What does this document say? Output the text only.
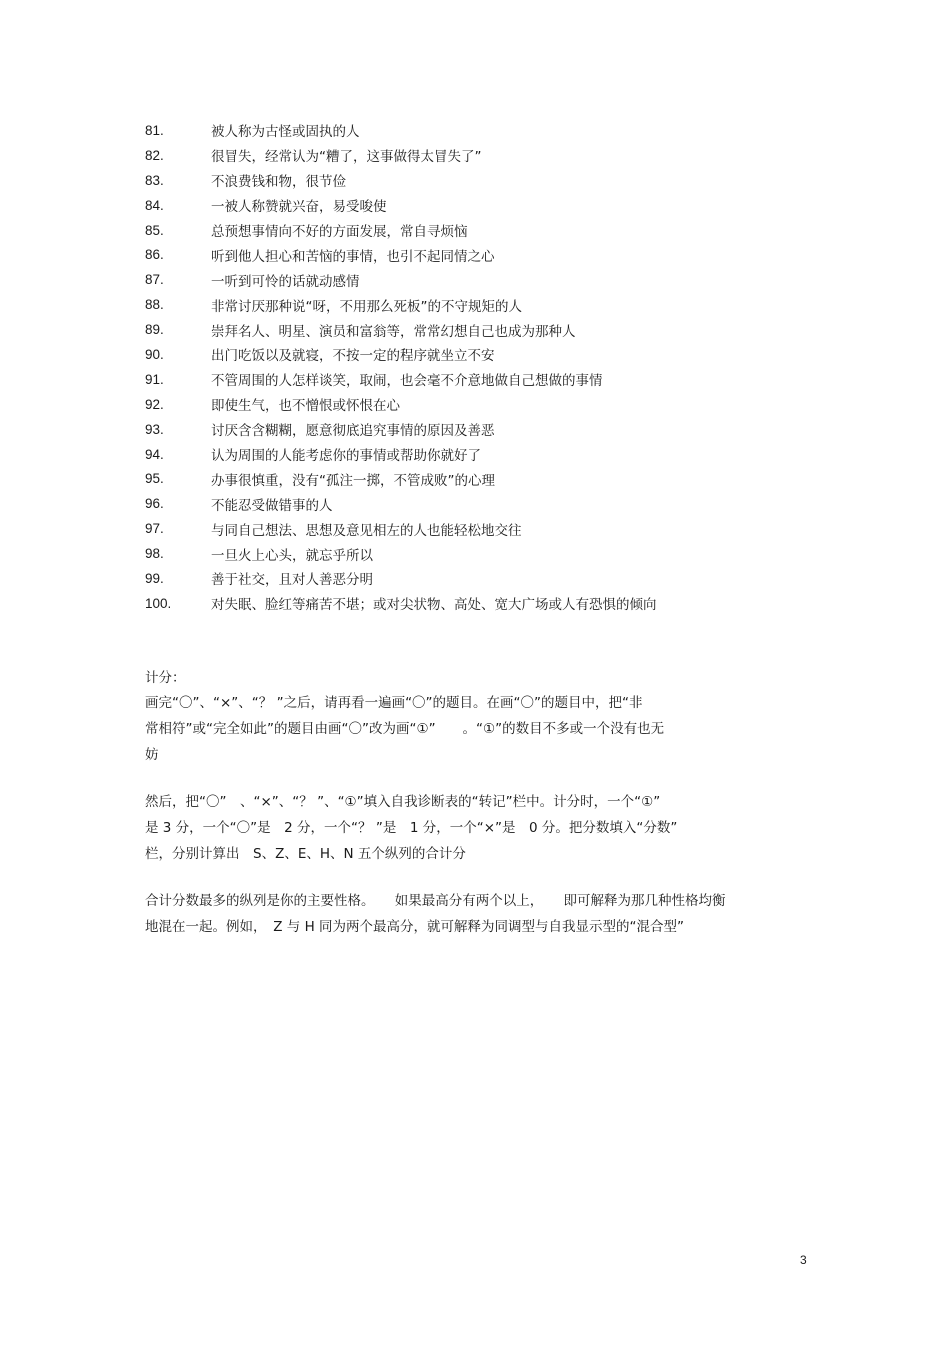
81.	被人称为古怪或固执的人
82.	很冒失，经常认为“糟了，这事做得太冒失了”
83.	不浪费钱和物，很节俭
84.	一被人称赞就兴奋，易受唆使
85.	总预想事情向不好的方面发展，常自寻烦恼
86.	听到他人担心和苦恼的事情，也引不起同情之心
87.	一听到可怜的话就动感情
88.	非常讨厌那种说“呀，不用那么死板”的不守规矩的人
89.	崇拜名人、明星、演员和富翁等，常常幻想自己也成为那种人
90.	出门吃饭以及就寝，不按一定的程序就坐立不安
91.	不管周围的人怎样谈笑，取闹，也会毫不介意地做自己想做的事情
92.	即使生气，也不憎恨或怀恨在心
93.	讨厌含含糊糊，愿意彻底追究事情的原因及善恶
94.	认为周围的人能考虑你的事情或帮助你就好了
95.	办事很慎重，没有“孤注一掷，不管成败”的心理
96.	不能忍受做错事的人
97.	与同自己想法、思想及意见相左的人也能轻松地交往
98.	一旦火上心头，就忘乎所以
99.	善于社交，且对人善恶分明
100.	对失眠、脸红等痛苦不堪；或对尖状物、高处、宽大广场或人有恐惧的倾向
计分：
画完“〇”、“×”、“？ ”之后，请再看一遍画“〇”的题目。在画“〇”的题目中，把“非
常相符”或“完全如此”的题目由画“〇”改为画“①”　　。“①”的数目不多或一个没有也无
妨
然后，把“〇”　、“×”、“？ ”、“①”填入自我诊断表的“转记”栏中。计分时，一个“①”
是 3 分，一个“〇”是　2 分，一个“？ ”是　1 分，一个“×”是　0 分。把分数填入“分数”
栏，分别计算出　S、Z、E、H、N 五个纵列的合计分
合计分数最多的纵列是你的主要性格。　　如果最高分有两个以上，　　即可解释为那几种性格均衡
地混在一起。例如，　Z 与 H 同为两个最高分，就可解释为同调型与自我显示型的“混合型”
3
